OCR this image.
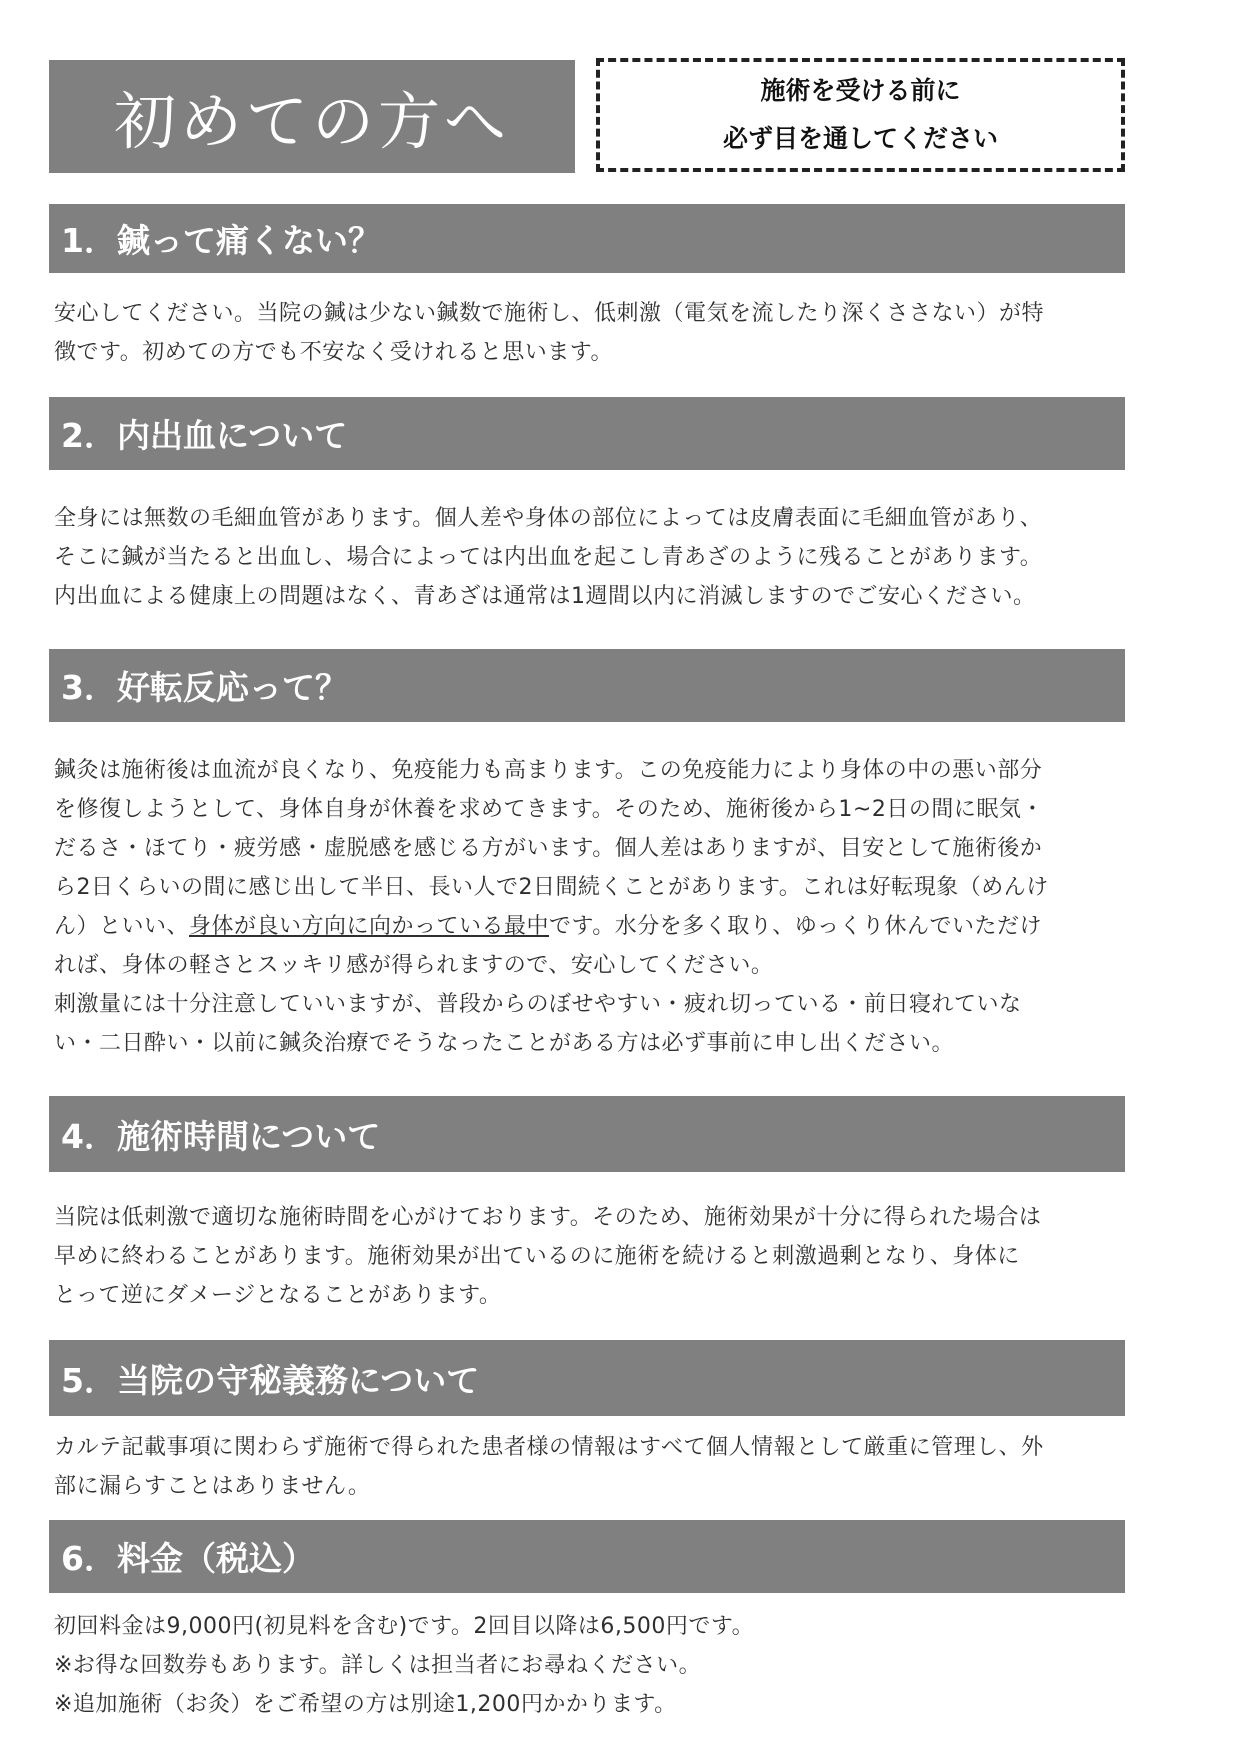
初めての方へ	施術を受ける前に
必ず目を通してください
1．鍼って痛くない？
安心してください。当院の鍼は少ない鍼数で施術し、低刺激（電気を流したり深くささない）が特
徴です。初めての方でも不安なく受けれると思います。
2．内出血について
全身には無数の毛細血管があります。個人差や身体の部位によっては皮膚表面に毛細血管があり、
そこに鍼が当たると出血し、場合によっては内出血を起こし青あざのように残ることがあります。
内出血による健康上の問題はなく、青あざは通常は1週間以内に消滅しますのでご安心ください。
3．好転反応って？
鍼灸は施術後は血流が良くなり、免疫能力も高まります。この免疫能力により身体の中の悪い部分
を修復しようとして、身体自身が休養を求めてきます。そのため、施術後から1~2日の間に眠気・
だるさ・ほてり・疲労感・虚脱感を感じる方がいます。個人差はありますが、目安として施術後か
ら2日くらいの間に感じ出して半日、長い人で2日間続くことがあります。これは好転現象（めんけ
ん）といい、身体が良い方向に向かっている最中です。水分を多く取り、ゆっくり休んでいただけ
れば、身体の軽さとスッキリ感が得られますので、安心してください。
刺激量には十分注意していいますが、普段からのぼせやすい・疲れ切っている・前日寝れていな
い・二日酔い・以前に鍼灸治療でそうなったことがある方は必ず事前に申し出ください。
4．施術時間について
当院は低刺激で適切な施術時間を心がけております。そのため、施術効果が十分に得られた場合は
早めに終わることがあります。施術効果が出ているのに施術を続けると刺激過剰となり、身体に
とって逆にダメージとなることがあります。
5．当院の守秘義務について
カルテ記載事項に関わらず施術で得られた患者様の情報はすべて個人情報として厳重に管理し、外
部に漏らすことはありません。
6．料金（税込）
初回料金は9,000円(初見料を含む)です。2回目以降は6,500円です。
※お得な回数券もあります。詳しくは担当者にお尋ねください。
※追加施術（お灸）をご希望の方は別途1,200円かかります。
